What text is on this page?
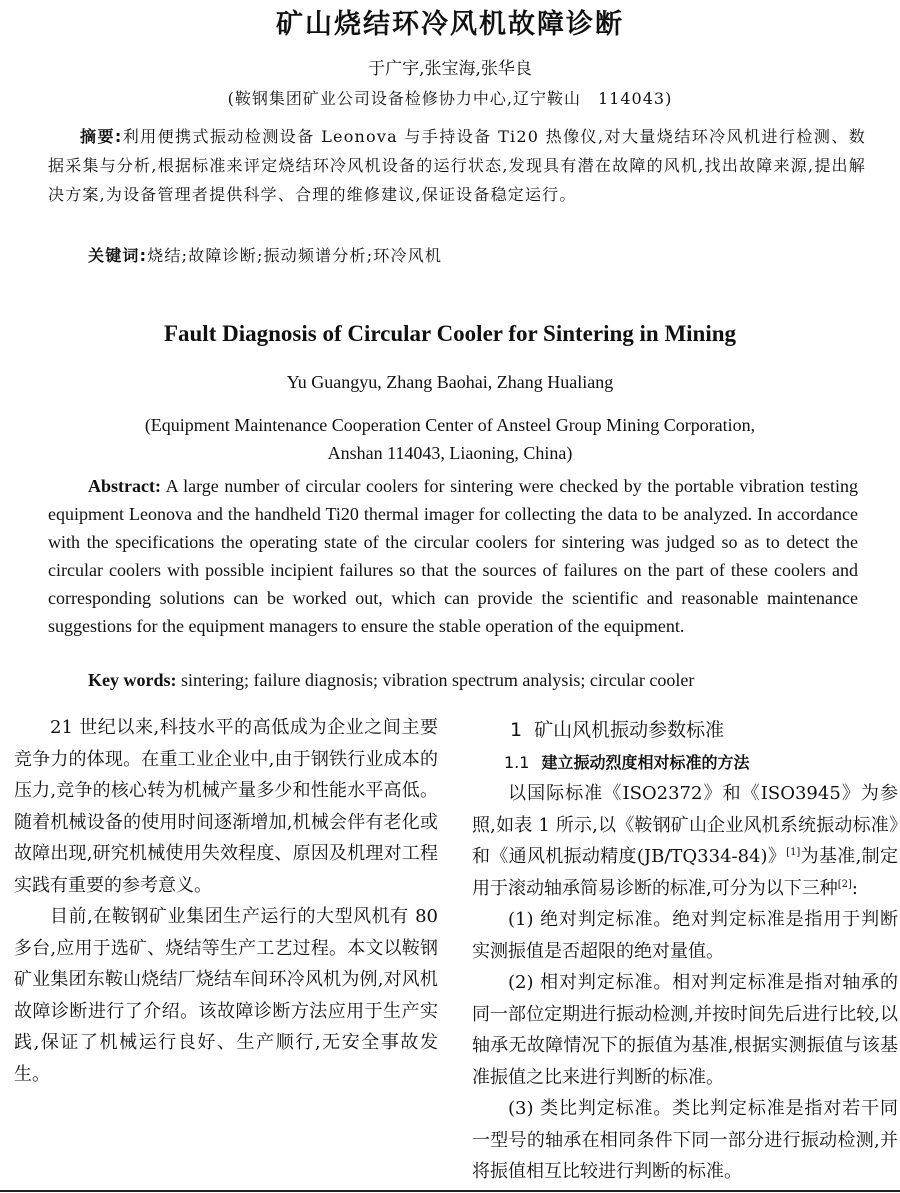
矿山烧结环冷风机故障诊断
于广宇,张宝海,张华良
(鞍钢集团矿业公司设备检修协力中心,辽宁鞍山　114043)
摘要:利用便携式振动检测设备 Leonova 与手持设备 Ti20 热像仪,对大量烧结环冷风机进行检测、数据采集与分析,根据标准来评定烧结环冷风机设备的运行状态,发现具有潜在故障的风机,找出故障来源,提出解决方案,为设备管理者提供科学、合理的维修建议,保证设备稳定运行。
关键词:烧结;故障诊断;振动频谱分析;环冷风机
Fault Diagnosis of Circular Cooler for Sintering in Mining
Yu Guangyu, Zhang Baohai, Zhang Hualiang
(Equipment Maintenance Cooperation Center of Ansteel Group Mining Corporation,
Anshan 114043, Liaoning, China)
Abstract: A large number of circular coolers for sintering were checked by the portable vibration testing equipment Leonova and the handheld Ti20 thermal imager for collecting the data to be analyzed. In accordance with the specifications the operating state of the circular coolers for sintering was judged so as to detect the circular coolers with possible incipient failures so that the sources of failures on the part of these coolers and corresponding solutions can be worked out, which can provide the scientific and reasonable maintenance suggestions for the equipment managers to ensure the stable operation of the equipment.
Key words: sintering; failure diagnosis; vibration spectrum analysis; circular cooler

21 世纪以来,科技水平的高低成为企业之间主要竞争力的体现。在重工业企业中,由于钢铁行业成本的压力,竞争的核心转为机械产量多少和性能水平高低。随着机械设备的使用时间逐渐增加,机械会伴有老化或故障出现,研究机械使用失效程度、原因及机理对工程实践有重要的参考意义。

目前,在鞍钢矿业集团生产运行的大型风机有 80 多台,应用于选矿、烧结等生产工艺过程。本文以鞍钢矿业集团东鞍山烧结厂烧结车间环冷风机为例,对风机故障诊断进行了介绍。该故障诊断方法应用于生产实践,保证了机械运行良好、生产顺行,无安全事故发生。

1 矿山风机振动参数标准

1.1 建立振动烈度相对标准的方法

以国际标准《ISO2372》和《ISO3945》为参照,如表 1 所示,以《鞍钢矿山企业风机系统振动标准》和《通风机振动精度(JB/TQ334-84)》[1]为基准,制定用于滚动轴承简易诊断的标准,可分为以下三种[2]:

(1) 绝对判定标准。绝对判定标准是指用于判断实测振值是否超限的绝对量值。

(2) 相对判定标准。相对判定标准是指对轴承的同一部位定期进行振动检测,并按时间先后进行比较,以轴承无故障情况下的振值为基准,根据实测振值与该基准振值之比来进行判断的标准。

(3) 类比判定标准。类比判定标准是指对若干同一型号的轴承在相同条件下同一部分进行振动检测,并将振值相互比较进行判断的标准。
